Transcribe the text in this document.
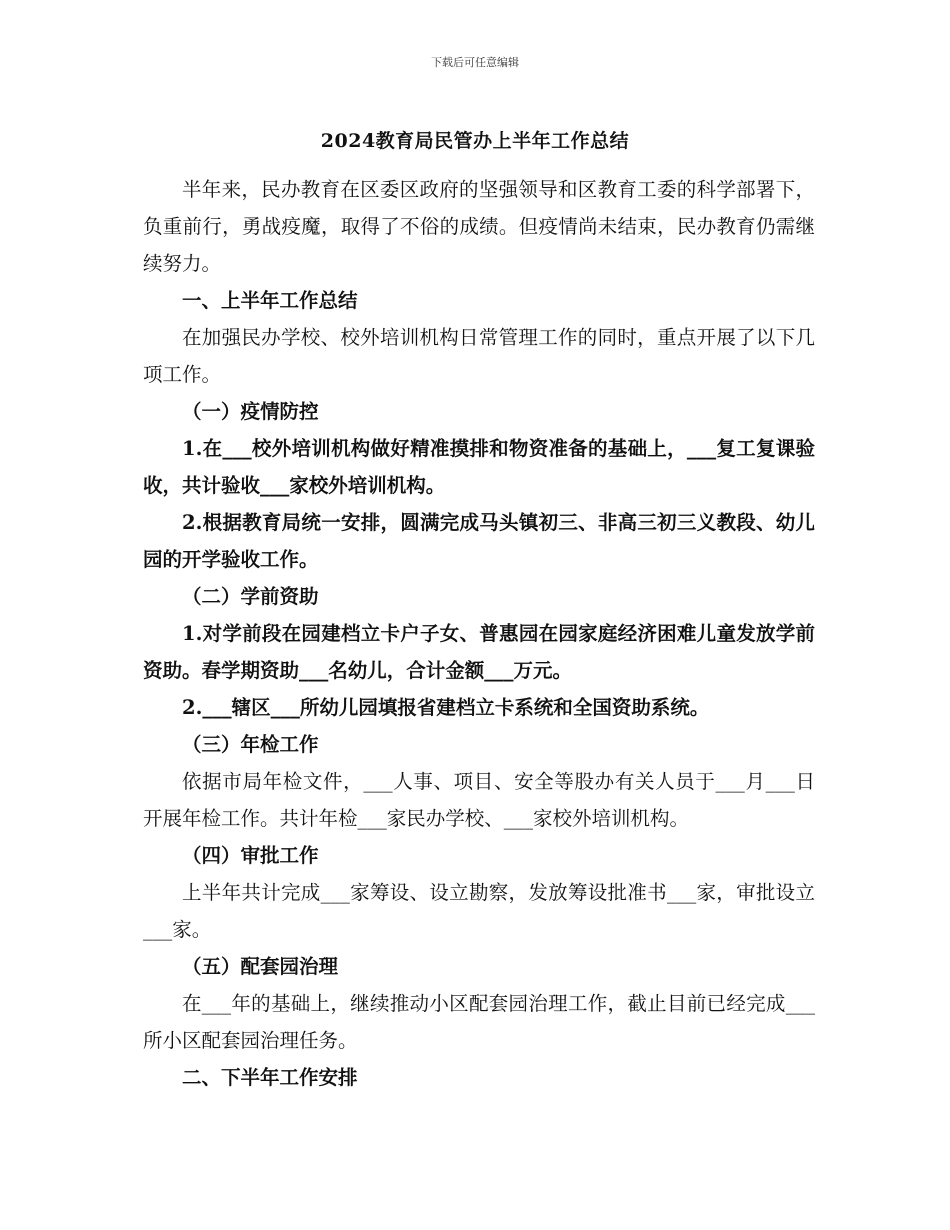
下载后可任意编辑
2024教育局民管办上半年工作总结

半年来，民办教育在区委区政府的坚强领导和区教育工委的科学部署下，负重前行，勇战疫魔，取得了不俗的成绩。但疫情尚未结束，民办教育仍需继续努力。

一、上半年工作总结

在加强民办学校、校外培训机构日常管理工作的同时，重点开展了以下几项工作。

（一）疫情防控

1.在___校外培训机构做好精准摸排和物资准备的基础上，___复工复课验收，共计验收___家校外培训机构。

2.根据教育局统一安排，圆满完成马头镇初三、非高三初三义教段、幼儿园的开学验收工作。

（二）学前资助

1.对学前段在园建档立卡户子女、普惠园在园家庭经济困难儿童发放学前资助。春学期资助___名幼儿，合计金额___万元。

2.___辖区___所幼儿园填报省建档立卡系统和全国资助系统。

（三）年检工作

依据市局年检文件，___人事、项目、安全等股办有关人员于___月___日开展年检工作。共计年检___家民办学校、___家校外培训机构。

（四）审批工作

上半年共计完成___家筹设、设立勘察，发放筹设批准书___家，审批设立___家。

（五）配套园治理

在___年的基础上，继续推动小区配套园治理工作，截止目前已经完成___所小区配套园治理任务。

二、下半年工作安排
